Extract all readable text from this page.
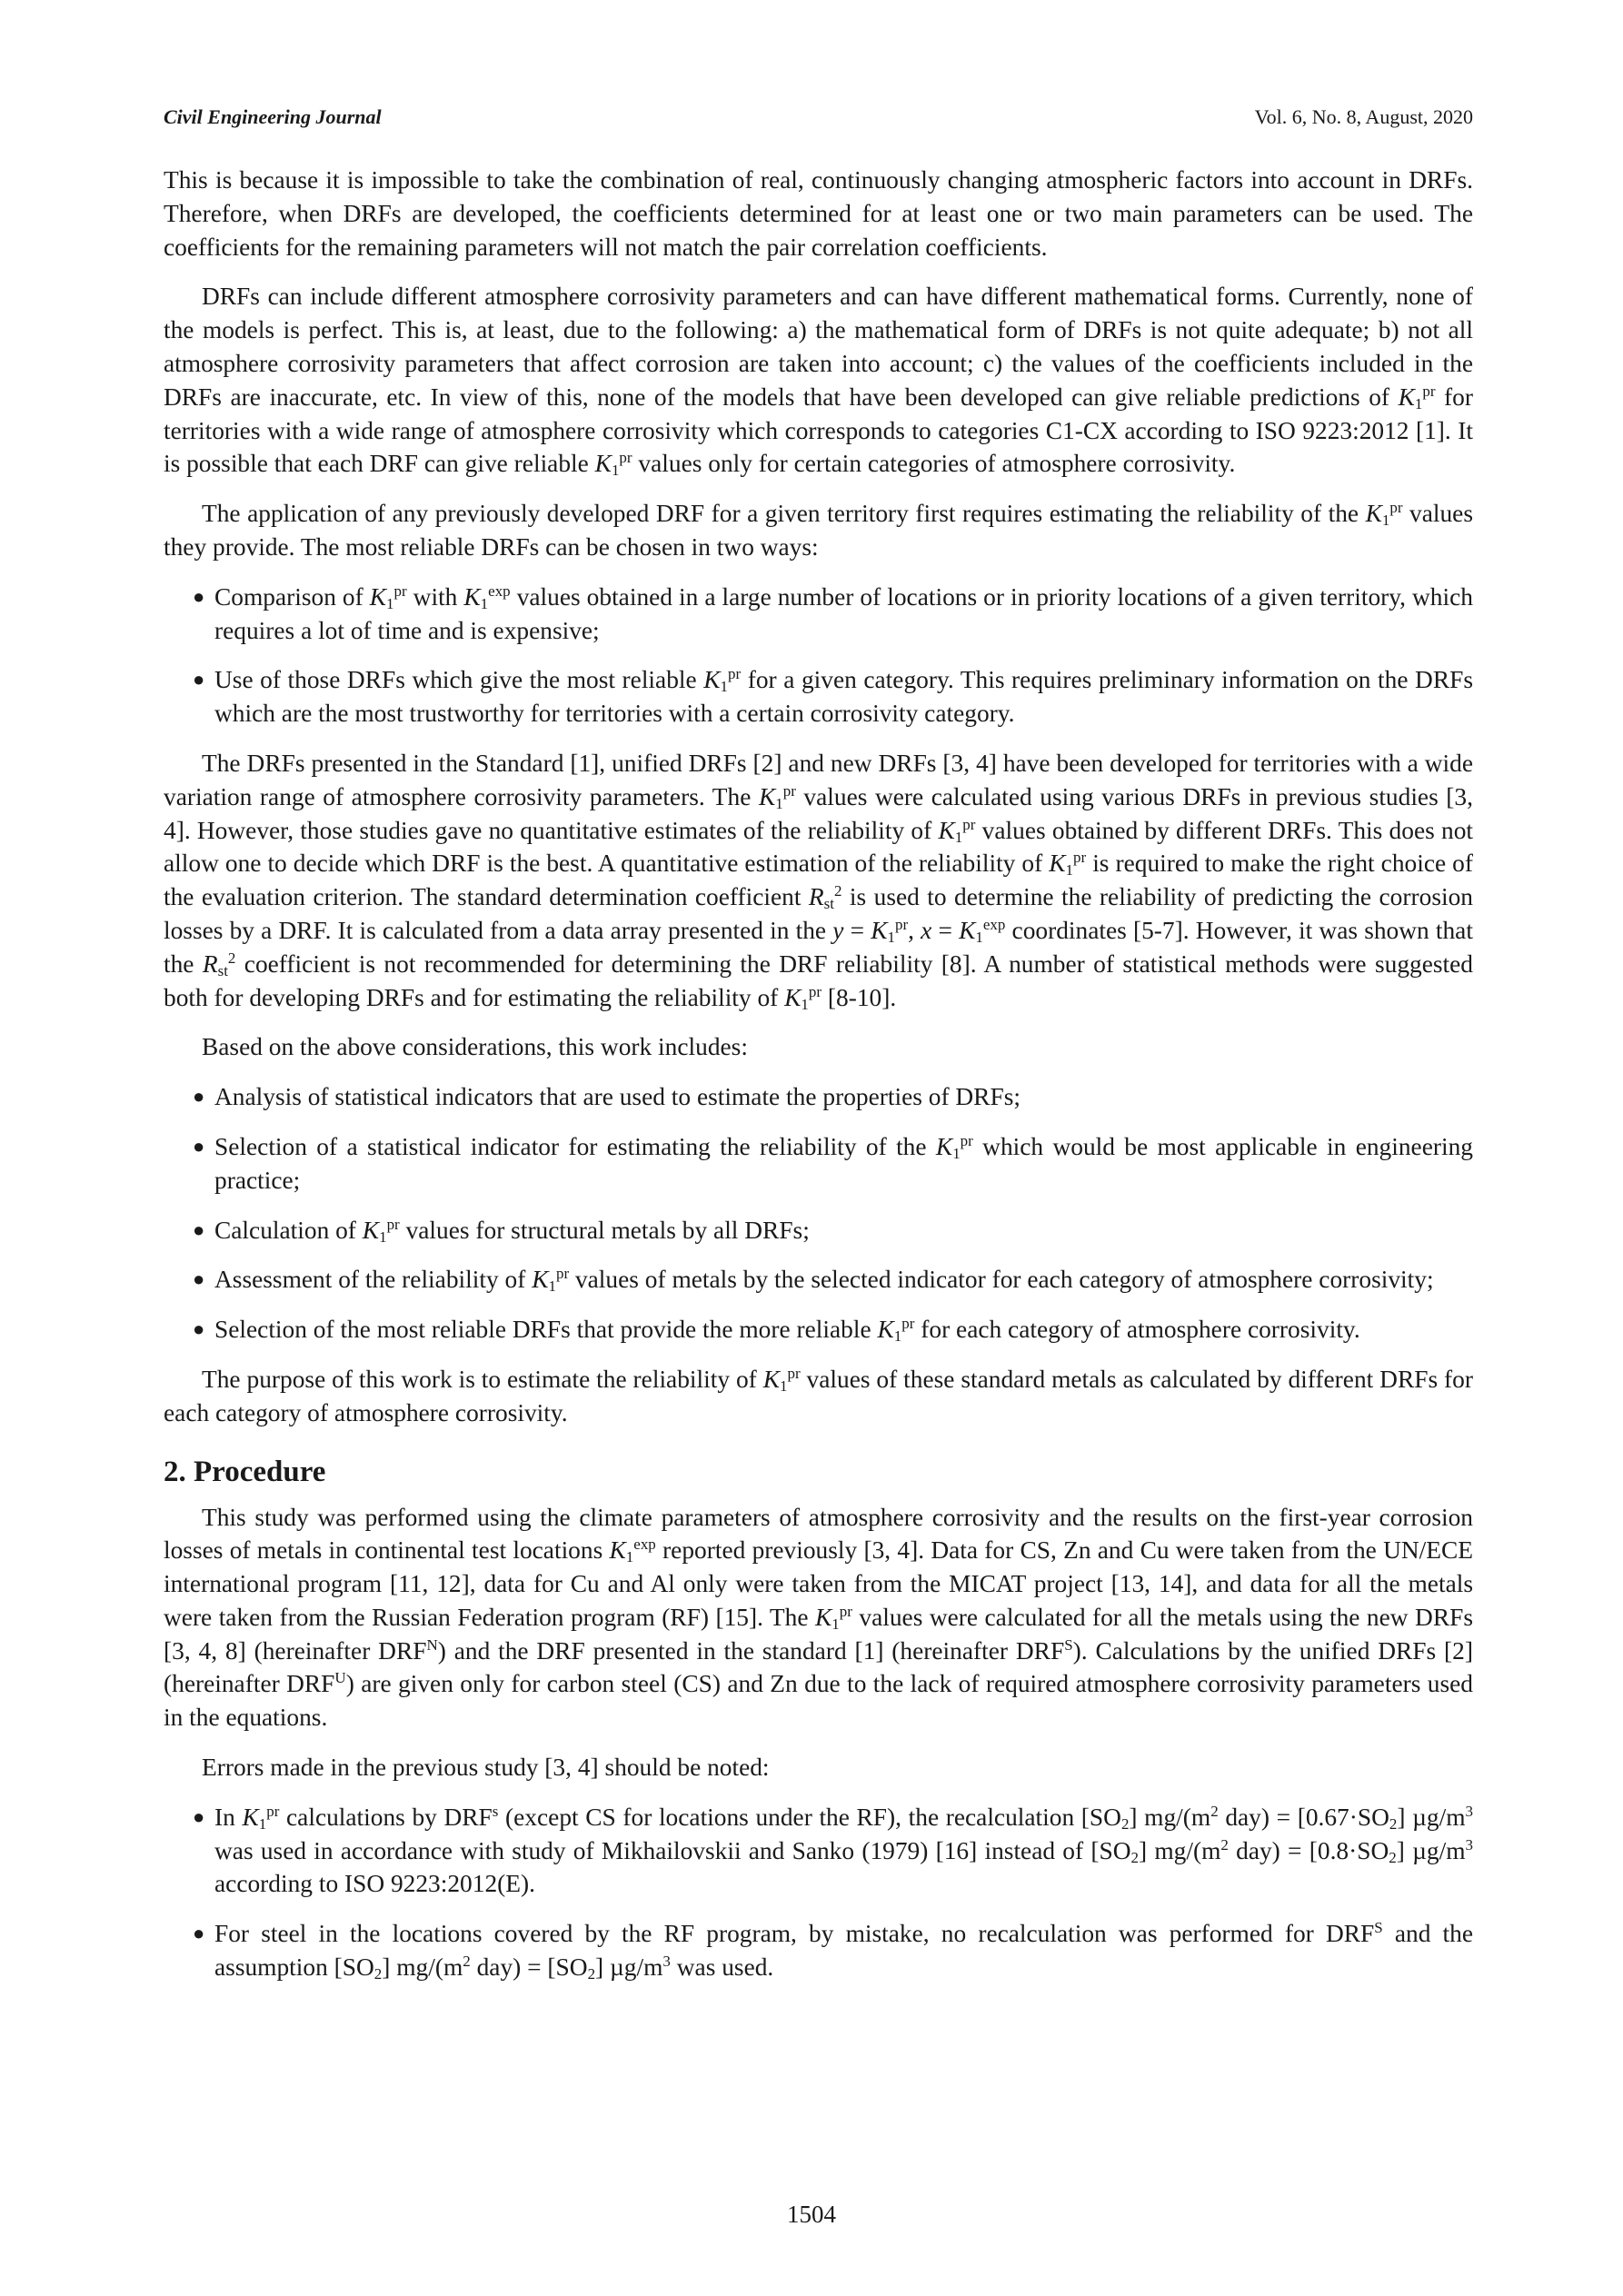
Civil Engineering Journal	Vol. 6, No. 8, August, 2020

This is because it is impossible to take the combination of real, continuously changing atmospheric factors into account in DRFs. Therefore, when DRFs are developed, the coefficients determined for at least one or two main parameters can be used. The coefficients for the remaining parameters will not match the pair correlation coefficients.

DRFs can include different atmosphere corrosivity parameters and can have different mathematical forms. Currently, none of the models is perfect. This is, at least, due to the following: a) the mathematical form of DRFs is not quite adequate; b) not all atmosphere corrosivity parameters that affect corrosion are taken into account; c) the values of the coefficients included in the DRFs are inaccurate, etc. In view of this, none of the models that have been developed can give reliable predictions of $K_1^{pr}$ for territories with a wide range of atmosphere corrosivity which corresponds to categories C1-CX according to ISO 9223:2012 [1]. It is possible that each DRF can give reliable $K_1^{pr}$ values only for certain categories of atmosphere corrosivity.

The application of any previously developed DRF for a given territory first requires estimating the reliability of the $K_1^{pr}$ values they provide. The most reliable DRFs can be chosen in two ways:

● Comparison of $K_1^{pr}$ with $K_1^{exp}$ values obtained in a large number of locations or in priority locations of a given territory, which requires a lot of time and is expensive;
● Use of those DRFs which give the most reliable $K_1^{pr}$ for a given category. This requires preliminary information on the DRFs which are the most trustworthy for territories with a certain corrosivity category.

The DRFs presented in the Standard [1], unified DRFs [2] and new DRFs [3, 4] have been developed for territories with a wide variation range of atmosphere corrosivity parameters. The $K_1^{pr}$ values were calculated using various DRFs in previous studies [3, 4]. However, those studies gave no quantitative estimates of the reliability of $K_1^{pr}$ values obtained by different DRFs. This does not allow one to decide which DRF is the best. A quantitative estimation of the reliability of $K_1^{pr}$ is required to make the right choice of the evaluation criterion. The standard determination coefficient $R_{st}^2$ is used to determine the reliability of predicting the corrosion losses by a DRF. It is calculated from a data array presented in the $y = K_1^{pr}$, $x = K_1^{exp}$ coordinates [5-7]. However, it was shown that the $R_{st}^2$ coefficient is not recommended for determining the DRF reliability [8]. A number of statistical methods were suggested both for developing DRFs and for estimating the reliability of $K_1^{pr}$ [8-10].

Based on the above considerations, this work includes:

● Analysis of statistical indicators that are used to estimate the properties of DRFs;
● Selection of a statistical indicator for estimating the reliability of the $K_1^{pr}$ which would be most applicable in engineering practice;
● Calculation of $K_1^{pr}$ values for structural metals by all DRFs;
● Assessment of the reliability of $K_1^{pr}$ values of metals by the selected indicator for each category of atmosphere corrosivity;
● Selection of the most reliable DRFs that provide the more reliable $K_1^{pr}$ for each category of atmosphere corrosivity.

The purpose of this work is to estimate the reliability of $K_1^{pr}$ values of these standard metals as calculated by different DRFs for each category of atmosphere corrosivity.

2. Procedure

This study was performed using the climate parameters of atmosphere corrosivity and the results on the first-year corrosion losses of metals in continental test locations $K_1^{exp}$ reported previously [3, 4]. Data for CS, Zn and Cu were taken from the UN/ECE international program [11, 12], data for Cu and Al only were taken from the MICAT project [13, 14], and data for all the metals were taken from the Russian Federation program (RF) [15]. The $K_1^{pr}$ values were calculated for all the metals using the new DRFs [3, 4, 8] (hereinafter $DRF^N$) and the DRF presented in the standard [1] (hereinafter $DRF^S$). Calculations by the unified DRFs [2] (hereinafter $DRF^U$) are given only for carbon steel (CS) and Zn due to the lack of required atmosphere corrosivity parameters used in the equations.

Errors made in the previous study [3, 4] should be noted:

● In $K_1^{pr}$ calculations by DRF$^s$ (except CS for locations under the RF), the recalculation $[SO_2]$ $mg/(m^2$ $day) = [0.67\cdot SO_2]$ $\mu g/m^3$ was used in accordance with study of Mikhailovskii and Sanko (1979) [16] instead of $[SO_2]$ $mg/(m^2$ $day) = [0.8\cdot SO_2]$ $\mu g/m^3$ according to ISO 9223:2012(E).
● For steel in the locations covered by the RF program, by mistake, no recalculation was performed for $DRF^S$ and the assumption $[SO_2]$ $mg/(m^2$ $day) = [SO_2]$ $\mu g/m^3$ was used.
1504
